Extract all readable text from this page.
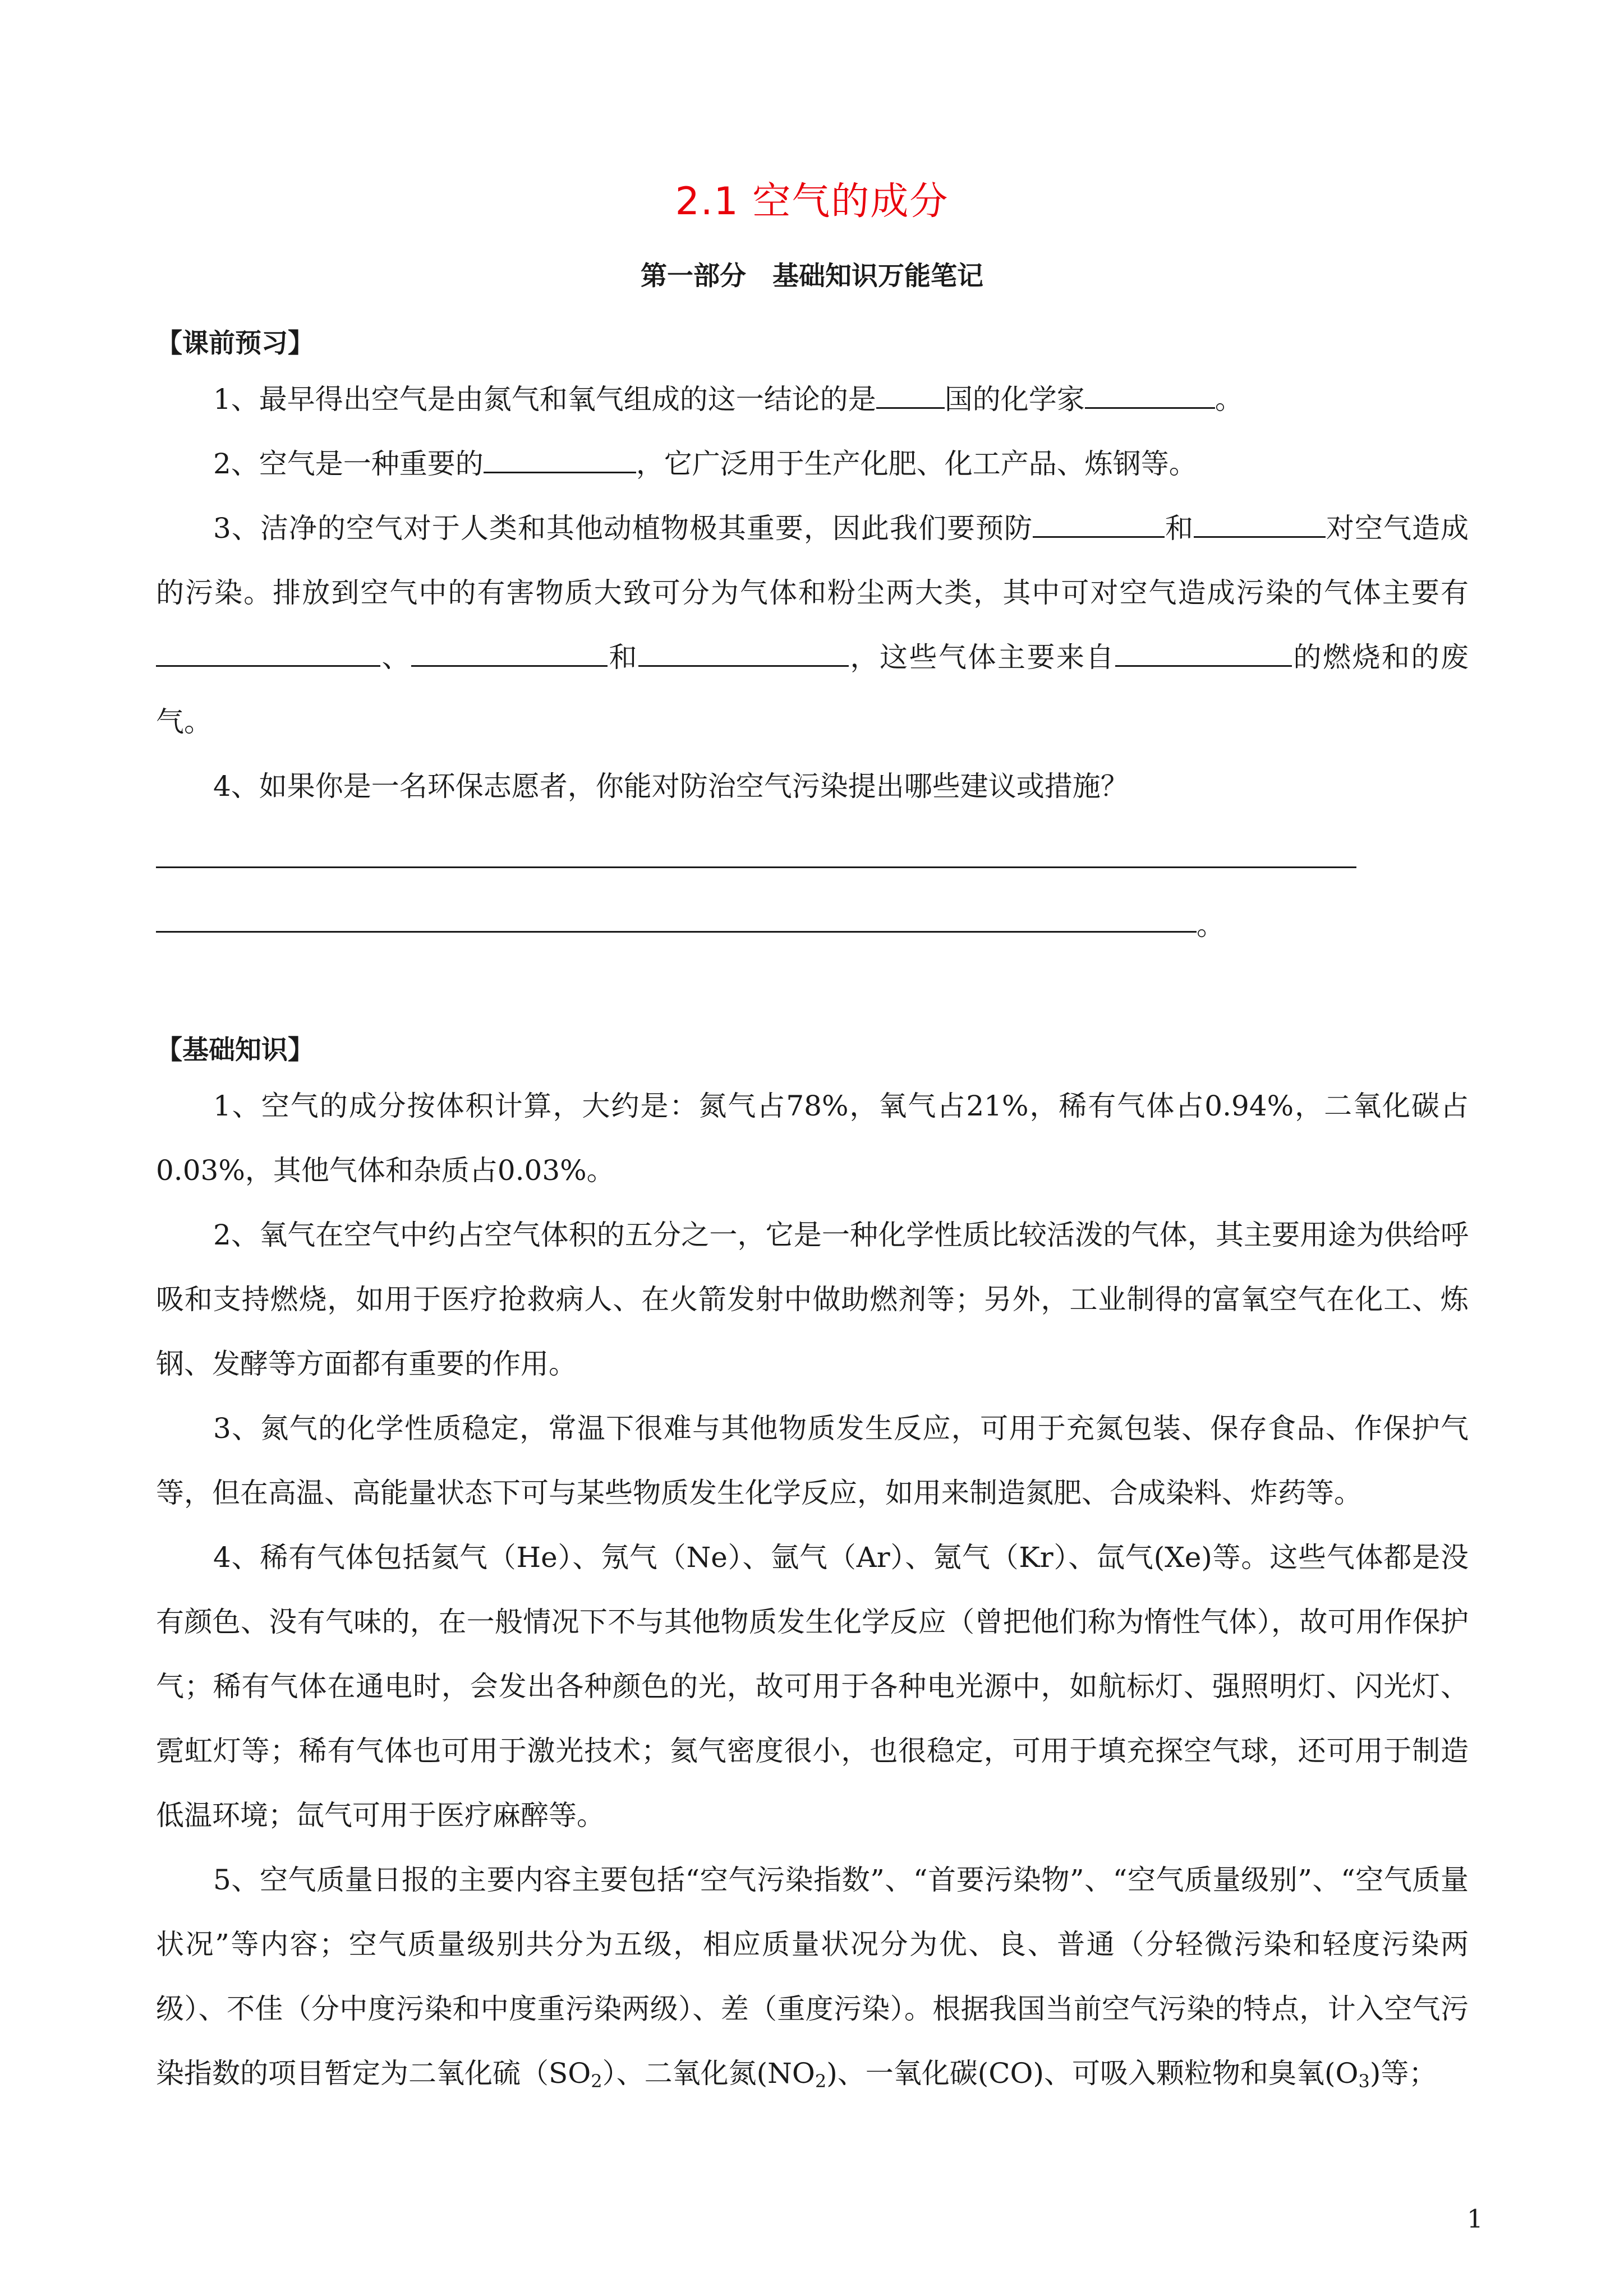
2.1 空气的成分
第一部分　基础知识万能笔记
【课前预习】
1、最早得出空气是由氮气和氧气组成的这一结论的是 国的化学家	。
2、空气是一种重要的	，它广泛用于生产化肥、化工产品、炼钢等。
3、洁净的空气对于人类和其他动植物极其重要，因此我们要预防	和	对空气造成的污染。排放到空气中的有害物质大致可分为气体和粉尘两大类，其中可对空气造成污染的气体主要有、	和	，这些气体主要来自	的燃烧和的废气。
4、如果你是一名环保志愿者，你能对防治空气污染提出哪些建议或措施？
。
【基础知识】
1、空气的成分按体积计算，大约是：氮气占78%，氧气占21%，稀有气体占0.94%，二氧化碳占0.03%，其他气体和杂质占0.03%。
2、氧气在空气中约占空气体积的五分之一，它是一种化学性质比较活泼的气体，其主要用途为供给呼吸和支持燃烧，如用于医疗抢救病人、在火箭发射中做助燃剂等；另外，工业制得的富氧空气在化工、炼钢、发酵等方面都有重要的作用。
3、氮气的化学性质稳定，常温下很难与其他物质发生反应，可用于充氮包装、保存食品、作保护气等，但在高温、高能量状态下可与某些物质发生化学反应，如用来制造氮肥、合成染料、炸药等。
4、稀有气体包括氦气（He）、氖气（Ne）、氩气（Ar）、氪气（Kr）、氙气(Xe)等。这些气体都是没有颜色、没有气味的，在一般情况下不与其他物质发生化学反应（曾把他们称为惰性气体），故可用作保护气；稀有气体在通电时，会发出各种颜色的光，故可用于各种电光源中，如航标灯、强照明灯、闪光灯、霓虹灯等；稀有气体也可用于激光技术；氦气密度很小，也很稳定，可用于填充探空气球，还可用于制造低温环境；氙气可用于医疗麻醉等。
5、空气质量日报的主要内容主要包括“空气污染指数”、“首要污染物”、“空气质量级别”、“空气质量状况”等内容；空气质量级别共分为五级，相应质量状况分为优、良、普通（分轻微污染和轻度污染两级）、不佳（分中度污染和中度重污染两级）、差（重度污染）。根据我国当前空气污染的特点，计入空气污染指数的项目暂定为二氧化硫$(SO_2)$、二氧化氮$(NO_2)$、一氧化碳(CO)、可吸入颗粒物和臭氧$(O_3)$等；
1
